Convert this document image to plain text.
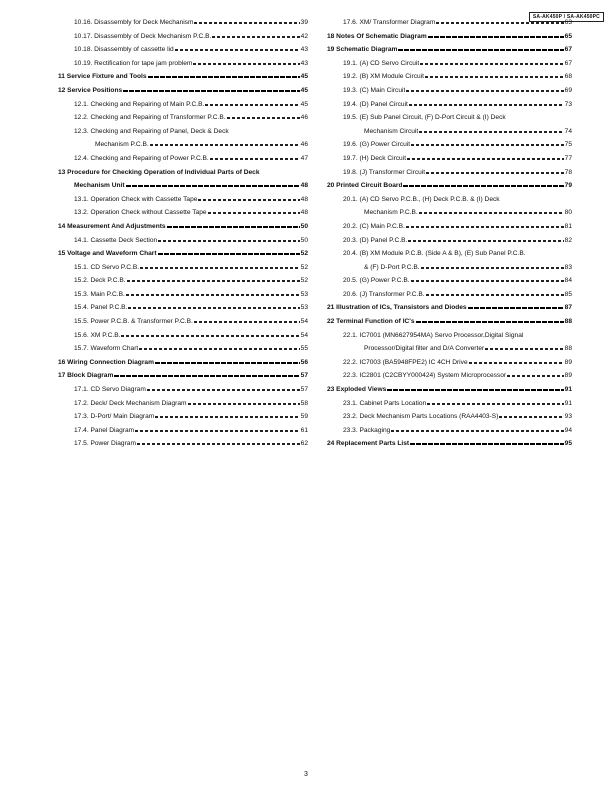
SA-AK450P / SA-AK450PC
10.16. Disassembly for Deck Mechanism	39
10.17. Disassembly of Deck Mechanism P.C.B.	42
10.18. Disassembly of cassette lid	43
10.19. Rectification for tape jam problem	43
11 Service Fixture and Tools	45
12 Service Positions	45
12.1. Checking and Repairing of Main P.C.B.	45
12.2. Checking and Repairing of Transformer P.C.B.	46
12.3. Checking and Repairing of Panel, Deck & Deck
Mechanism P.C.B.	46
12.4. Checking and Repairing of Power P.C.B.	47
13 Procedure for Checking Operation of Individual Parts of Deck
Mechanism Unit	48
13.1. Operation Check with Cassette Tape	48
13.2. Operation Check without Cassette Tape	48
14 Measurement And Adjustments	50
14.1. Cassette Deck Section	50
15 Voltage and Waveform Chart	52
15.1. CD Servo P.C.B.	52
15.2. Deck P.C.B.	52
15.3. Main P.C.B.	53
15.4. Panel P.C.B.	53
15.5. Power P.C.B. & Transformer P.C.B.	54
15.6. XM P.C.B.	54
15.7. Waveform Chart	55
16 Wiring Connection Diagram	56
17 Block Diagram	57
17.1. CD Servo Diagram	57
17.2. Deck/ Deck Mechanism Diagram	58
17.3. D-Port/ Main Diagram	59
17.4. Panel Diagram	61
17.5. Power Diagram	62
17.6. XM/ Transformer Diagram	63
18 Notes Of Schematic Diagram	65
19 Schematic Diagram	67
19.1. (A) CD Servo Circuit	67
19.2. (B) XM Module Circuit	68
19.3. (C) Main Circuit	69
19.4. (D) Panel Circuit	73
19.5. (E) Sub Panel Circuit, (F) D-Port Circuit & (I) Deck
Mechanism Circuit	74
19.6. (G) Power Circuit	75
19.7. (H) Deck Circuit	77
19.8. (J) Transformer Circuit	78
20 Printed Circuit Board	79
20.1. (A) CD Servo P.C.B., (H) Deck P.C.B. & (I) Deck
Mechanism P.C.B.	80
20.2. (C) Main P.C.B.	81
20.3. (D) Panel P.C.B.	82
20.4. (B) XM Module P.C.B. (Side A & B), (E) Sub Panel P.C.B.
& (F) D-Port P.C.B.	83
20.5. (G) Power P.C.B.	84
20.6. (J) Transformer P.C.B.	85
21 Illustration of ICs, Transistors and Diodes	87
22 Terminal Function of IC's	88
22.1. IC7001 (MN6627954MA) Servo Processor,Digital Signal
Processor/Digital filter and D/A Converter	88
22.2. IC7003 (BA5948FPE2) IC 4CH Drive	89
22.3. IC2801 (C2CBYY000424) System Microprocessor	89
23 Exploded Views	91
23.1. Cabinet Parts Location	91
23.2. Deck Mechanism Parts Locations (RAA4403-S)	93
23.3. Packaging	94
24 Replacement Parts List	95
3
